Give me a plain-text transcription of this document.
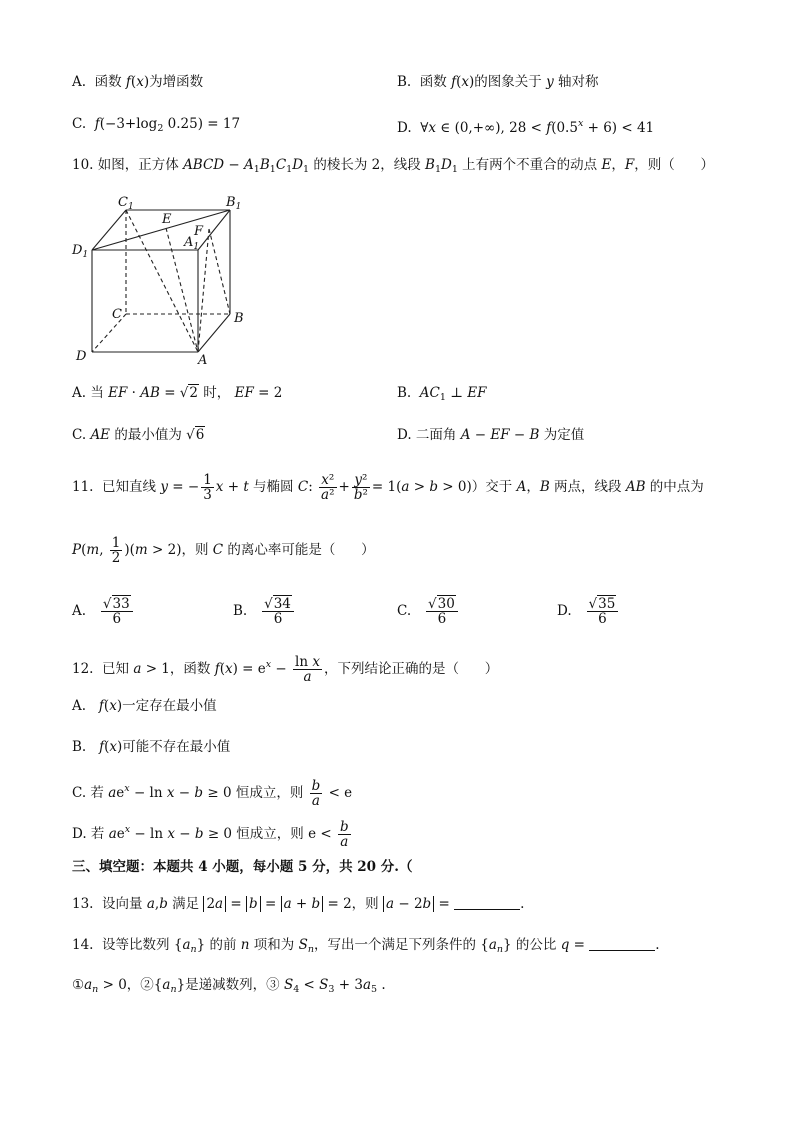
A.  函数 f(x)为增函数	B.  函数 f(x)的图象关于 y 轴对称
C.  $f(-3+\log_2$ 0.25) = 17	D.  ∀x ∈ (0,+∞), $28 < f(0.5^x + 6) < 41$
10. 如图，正方体 ABCD − $A_1B_1C_1D_1$ 的棱长为 2，线段 $B_1D_1$ 上有两个不重合的动点 E，F，则（      ）
$C_1$	$B_1$
E
F
$A_1$
$D_1$
C	B
D	A
A. 当 EF · AB = √2 时， EF = 2	B.  $AC_1$ ⊥ EF
C. AE 的最小值为 √6	D. 二面角 A − EF − B 为定值
11.  已知直线 y = − $\frac{1}{3}$ x + t 与椭圆 C: $\frac{\text{x²}}{\text{a²}} + \frac{\text{y²}}{\text{b²}} = 1(a > b > 0)$）交于 A，B 两点，线段 AB 的中点为
P(m, $\frac{1}{2} )(m > 2)$，则 C 的离心率可能是（      ）
A. $\frac{√33}{6}$	B. $\frac{√34}{6}$	C. $\frac{√30}{6}$	D. $\frac{√35}{6}$
12.  已知 a > 1，函数 $f(x) = e^x - \frac{\text{ln x}}{a}$ ，下列结论正确的是（      ）
A.   f(x)一定存在最小值
B.   f(x)可能不存在最小值
C. 若 $ae^x - \ln x - b \ge 0$ 恒成立，则 $\frac{b}{a} < e$
D. 若 $ae^x - \ln x - b \ge 0$ 恒成立，则 $e < \frac{b}{a}$
三、填空题：本题共 4 小题，每小题 5 分，共 20 分.（
13.  设向量 a,b 满足 2a = b = a + b = 2，则 a − 2b =	.
14.  设等比数列 $\{a_n\}$ 的前 n 项和为 $S_n$，写出一个满足下列条件的 $\{a_n\}$ 的公比 q =	.
$①a_n > 0$，$②\{a_n\}$是递减数列，③ $S_4 < S_3 + 3a_5$ .
